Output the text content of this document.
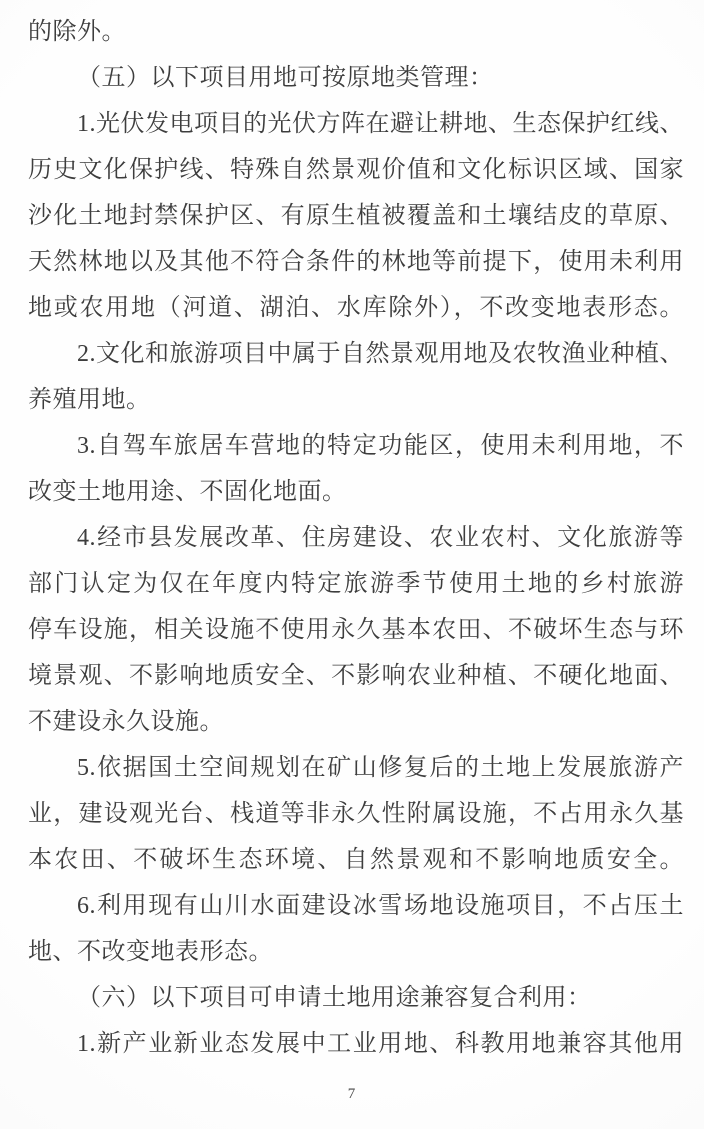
的除外。
（五）以下项目用地可按原地类管理：
1.光伏发电项目的光伏方阵在避让耕地、生态保护红线、
历史文化保护线、特殊自然景观价值和文化标识区域、国家
沙化土地封禁保护区、有原生植被覆盖和土壤结皮的草原、
天然林地以及其他不符合条件的林地等前提下，使用未利用
地或农用地（河道、湖泊、水库除外），不改变地表形态。
2.文化和旅游项目中属于自然景观用地及农牧渔业种植、
养殖用地。
3.自驾车旅居车营地的特定功能区，使用未利用地，不
改变土地用途、不固化地面。
4.经市县发展改革、住房建设、农业农村、文化旅游等
部门认定为仅在年度内特定旅游季节使用土地的乡村旅游
停车设施，相关设施不使用永久基本农田、不破坏生态与环
境景观、不影响地质安全、不影响农业种植、不硬化地面、
不建设永久设施。
5.依据国土空间规划在矿山修复后的土地上发展旅游产
业，建设观光台、栈道等非永久性附属设施，不占用永久基
本农田、不破坏生态环境、自然景观和不影响地质安全。
6.利用现有山川水面建设冰雪场地设施项目，不占压土
地、不改变地表形态。
（六）以下项目可申请土地用途兼容复合利用：
1.新产业新业态发展中工业用地、科教用地兼容其他用
7
